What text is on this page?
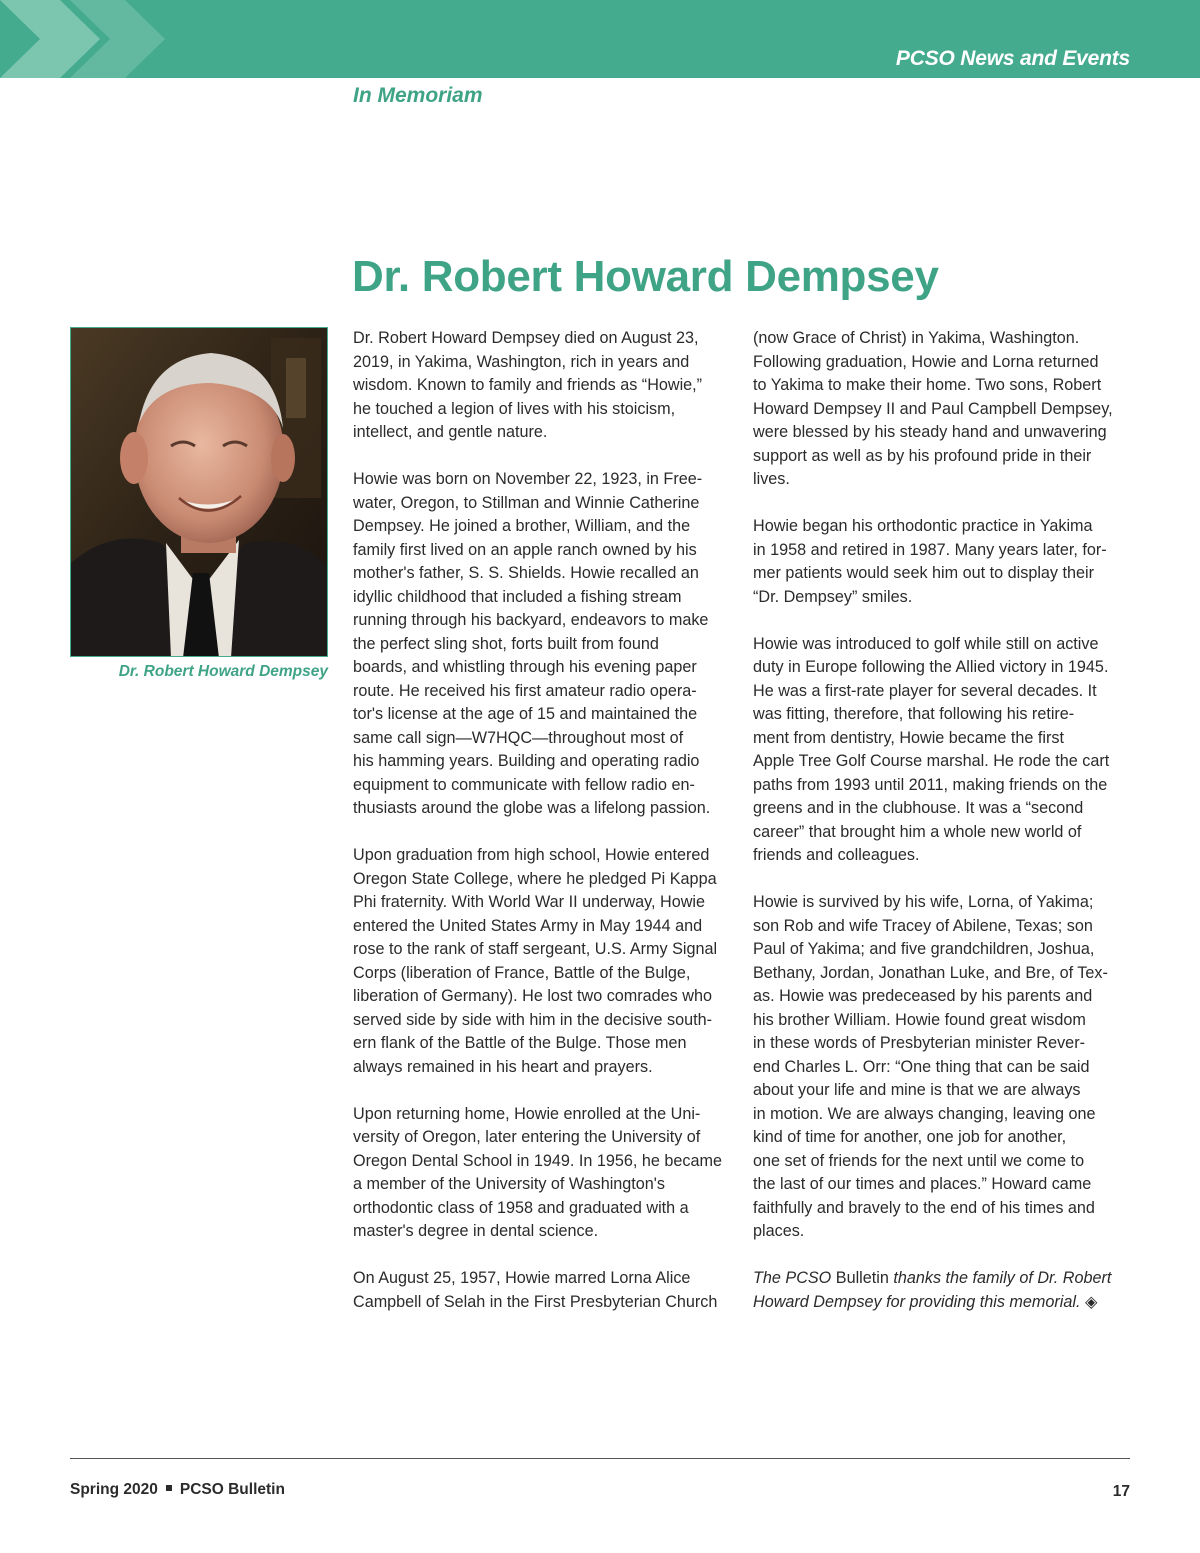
PCSO News and Events
In Memoriam
Dr. Robert Howard Dempsey
Dr. Robert Howard Dempsey

Dr. Robert Howard Dempsey died on August 23,
2019, in Yakima, Washington, rich in years and
wisdom. Known to family and friends as “Howie,”
he touched a legion of lives with his stoicism,
intellect, and gentle nature.

Howie was born on November 22, 1923, in Free-
water, Oregon, to Stillman and Winnie Catherine
Dempsey. He joined a brother, William, and the
family first lived on an apple ranch owned by his
mother's father, S. S. Shields. Howie recalled an
idyllic childhood that included a fishing stream
running through his backyard, endeavors to make
the perfect sling shot, forts built from found
boards, and whistling through his evening paper
route. He received his first amateur radio opera-
tor's license at the age of 15 and maintained the
same call sign—W7HQC—throughout most of
his hamming years. Building and operating radio
equipment to communicate with fellow radio en-
thusiasts around the globe was a lifelong passion.

Upon graduation from high school, Howie entered
Oregon State College, where he pledged Pi Kappa
Phi fraternity. With World War II underway, Howie
entered the United States Army in May 1944 and
rose to the rank of staff sergeant, U.S. Army Signal
Corps (liberation of France, Battle of the Bulge,
liberation of Germany). He lost two comrades who
served side by side with him in the decisive south-
ern flank of the Battle of the Bulge. Those men
always remained in his heart and prayers.

Upon returning home, Howie enrolled at the Uni-
versity of Oregon, later entering the University of
Oregon Dental School in 1949. In 1956, he became
a member of the University of Washington's
orthodontic class of 1958 and graduated with a
master's degree in dental science.

On August 25, 1957, Howie marred Lorna Alice
Campbell of Selah in the First Presbyterian Church

(now Grace of Christ) in Yakima, Washington.
Following graduation, Howie and Lorna returned
to Yakima to make their home. Two sons, Robert
Howard Dempsey II and Paul Campbell Dempsey,
were blessed by his steady hand and unwavering
support as well as by his profound pride in their
lives.

Howie began his orthodontic practice in Yakima
in 1958 and retired in 1987. Many years later, for-
mer patients would seek him out to display their
“Dr. Dempsey” smiles.

Howie was introduced to golf while still on active
duty in Europe following the Allied victory in 1945.
He was a first-rate player for several decades. It
was fitting, therefore, that following his retire-
ment from dentistry, Howie became the first
Apple Tree Golf Course marshal. He rode the cart
paths from 1993 until 2011, making friends on the
greens and in the clubhouse. It was a “second
career” that brought him a whole new world of
friends and colleagues.

Howie is survived by his wife, Lorna, of Yakima;
son Rob and wife Tracey of Abilene, Texas; son
Paul of Yakima; and five grandchildren, Joshua,
Bethany, Jordan, Jonathan Luke, and Bre, of Tex-
as. Howie was predeceased by his parents and
his brother William. Howie found great wisdom
in these words of Presbyterian minister Rever-
end Charles L. Orr: “One thing that can be said
about your life and mine is that we are always
in motion. We are always changing, leaving one
kind of time for another, one job for another,
one set of friends for the next until we come to
the last of our times and places.” Howard came
faithfully and bravely to the end of his times and
places.

The PCSO Bulletin thanks the family of Dr. Robert
Howard Dempsey for providing this memorial. ◈

Spring 2020 PCSO Bulletin	17
